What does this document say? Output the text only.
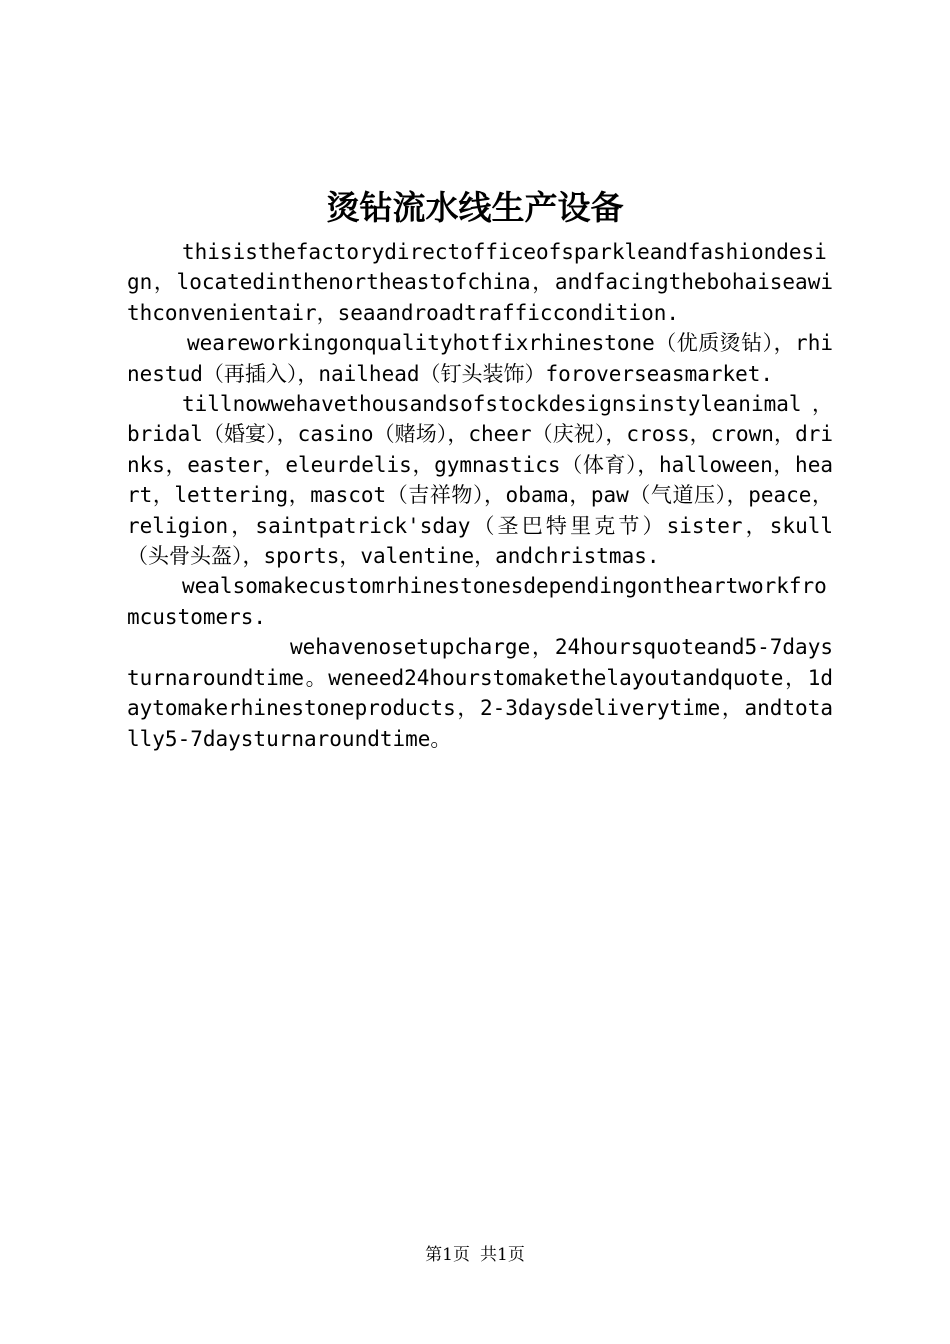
烫钻流水线生产设备

thisisthefactorydirectofficeofsparkleandfashiondesign，locatedinthenortheastofchina，andfacingthebohaiseawithconvenientair，seaandroadtrafficcondition.

weareworkingonqualityhotfixrhinestone（优质烫钻），rhinestud（再插入），nailhead（钉头装饰）foroverseasmarket.

tillnowwehavethousandsofstockdesignsinstyleanimal，bridal（婚宴），casino（赌场），cheer（庆祝），cross，crown，drinks，easter，eleurdelis，gymnastics（体育），halloween，heart，lettering，mascot（吉祥物），obama，paw（气道压），peace，religion，saintpatrick'sday（圣巴特里克节）sister，skull（头骨头盔），sports，valentine，andchristmas.

wealsomakecustomrhinestonesdependingontheartworkfromcustomers.

wehavenosetupcharge，24hoursquoteand5-7daysturnaroundtime。weneed24hourstomakethelayoutandquote，1daytomakerhinestoneproducts，2-3daysdeliverytime，andtotally5-7daysturnaroundtime。

第1页 共1页
